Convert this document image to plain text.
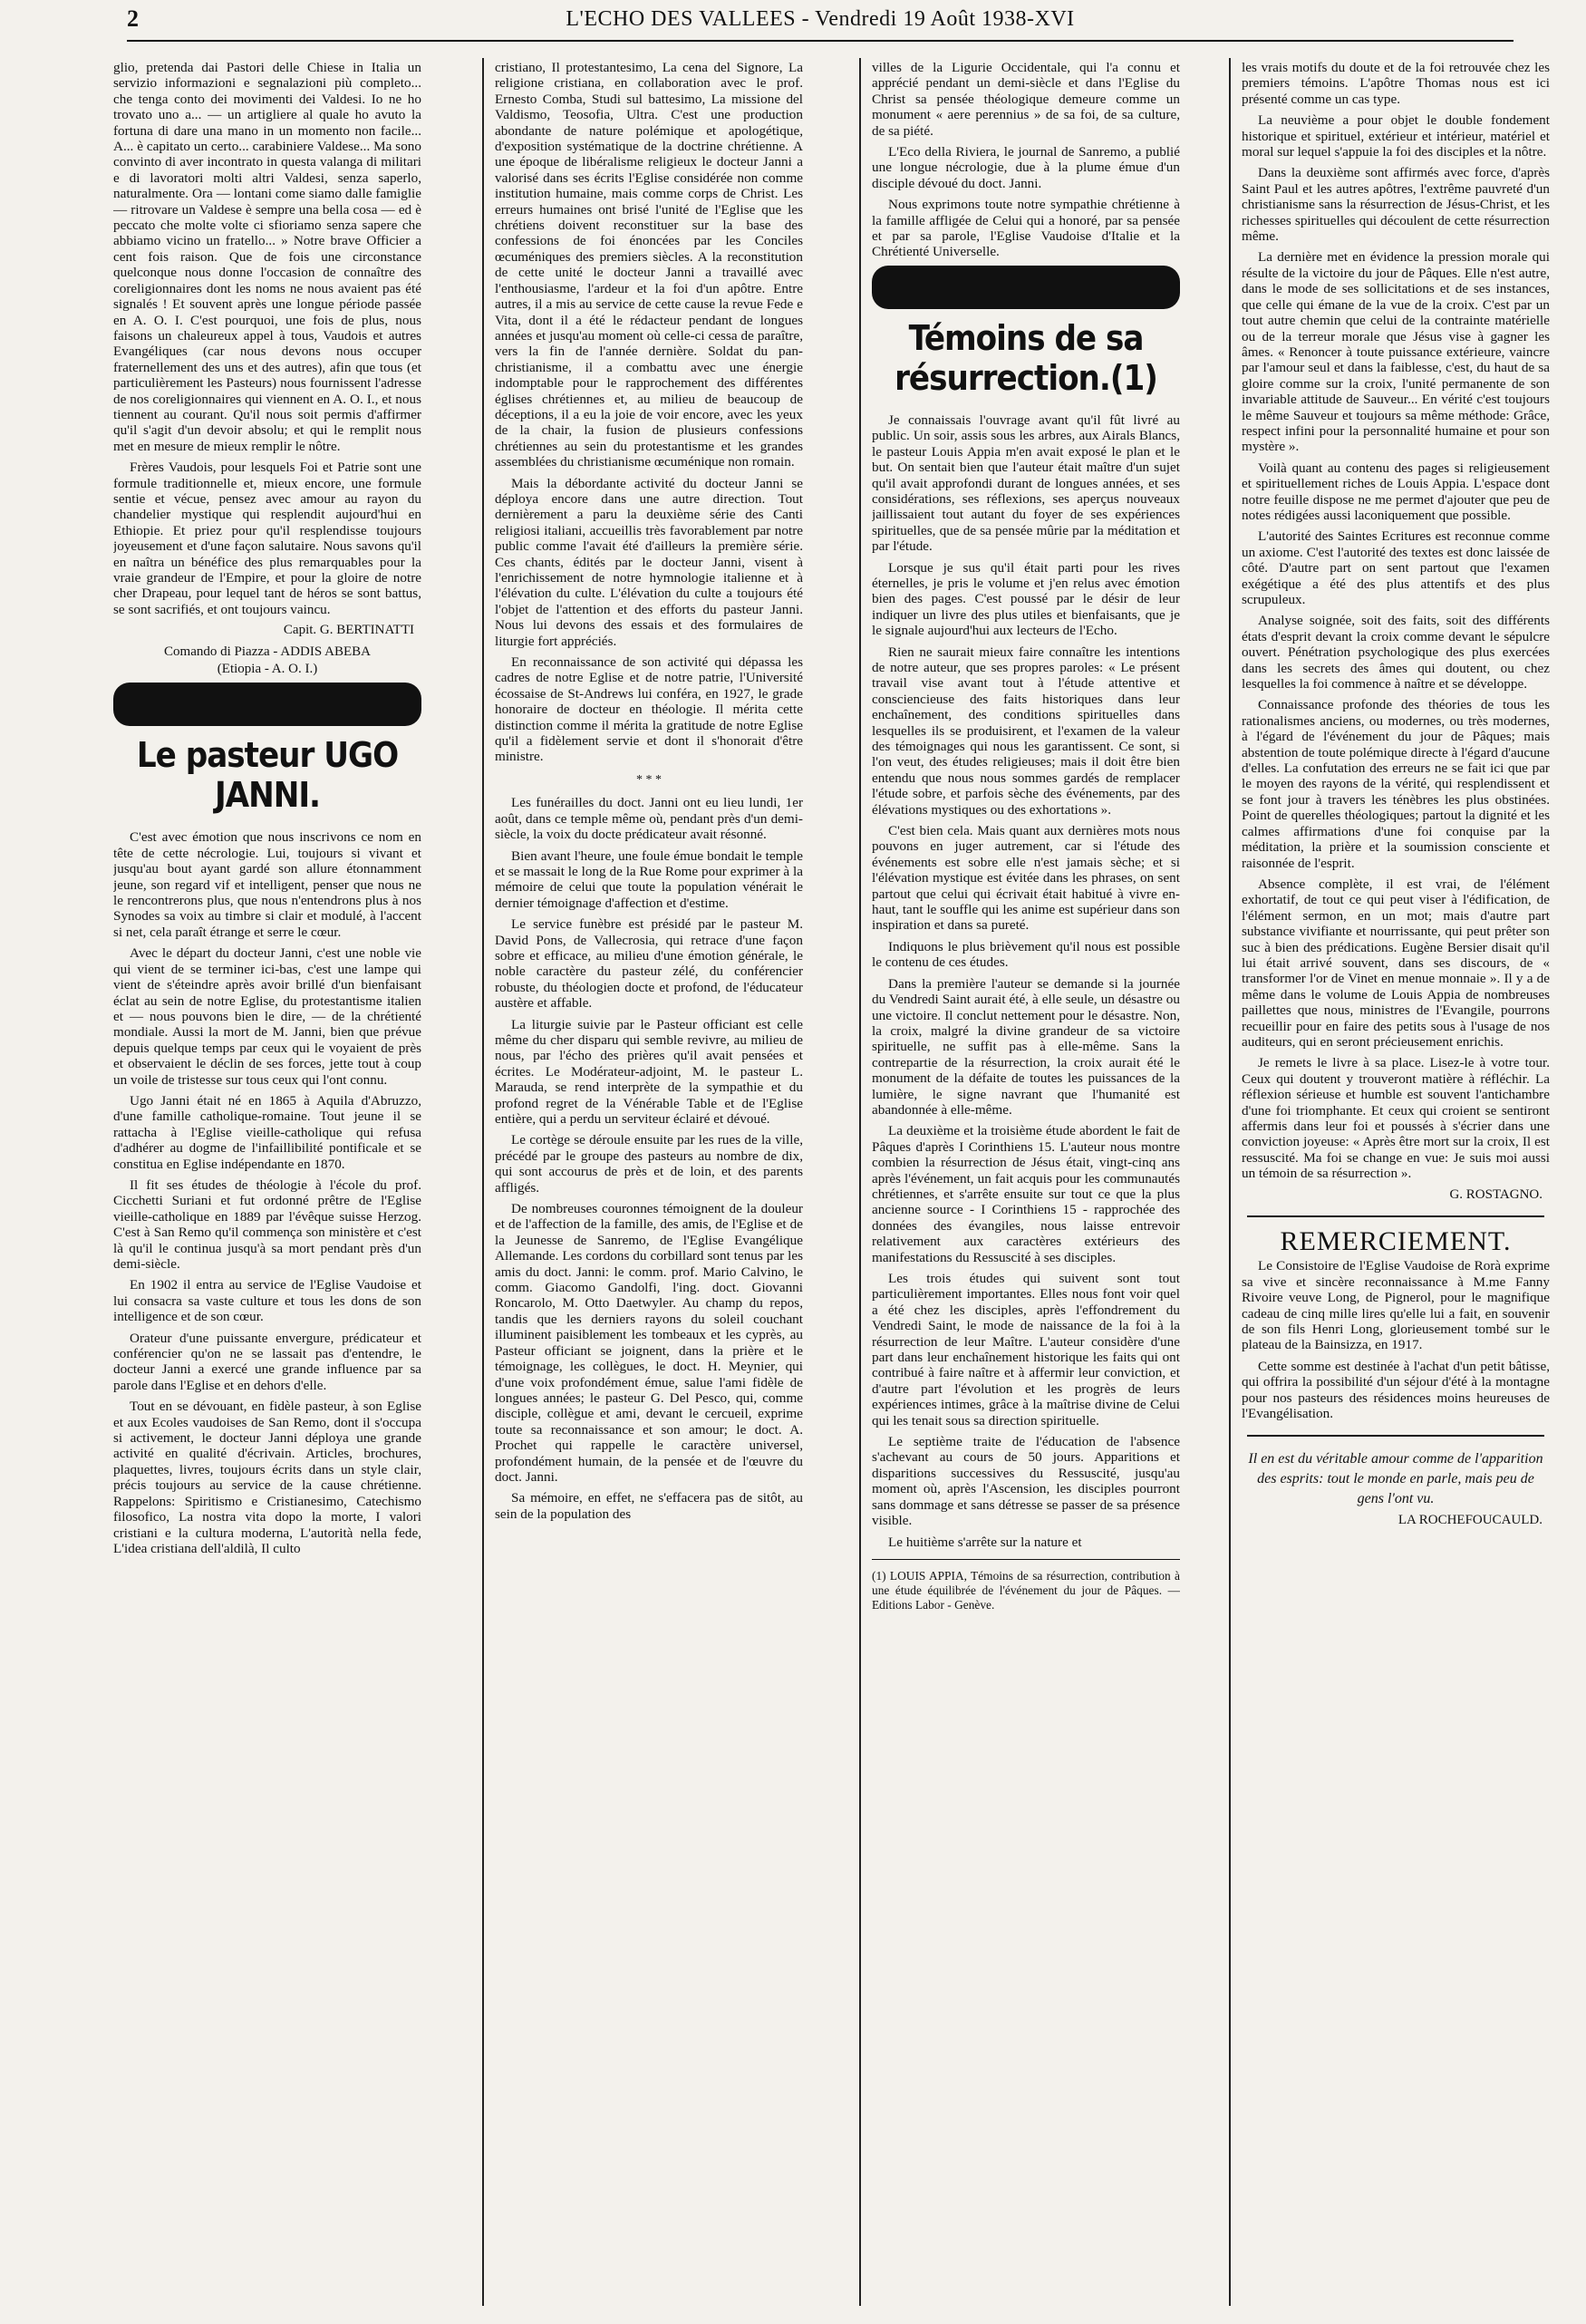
2	L'ECHO DES VALLEES - Vendredi 19 Août 1938-XVI

glio, pretenda dai Pastori delle Chiese in Italia un servizio informazioni e segnalazioni più completo... che tenga conto dei movimenti dei Valdesi. Io ne ho trovato uno a... — un artigliere al quale ho avuto la fortuna di dare una mano in un momento non facile... A... è capitato un certo... carabiniere Valdese... Ma sono convinto di aver incontrato in questa valanga di militari e di lavoratori molti altri Valdesi, senza saperlo, naturalmente. Ora — lontani come siamo dalle famiglie — ritrovare un Valdese è sempre una bella cosa — ed è peccato che molte volte ci sfioriamo senza sapere che abbiamo vicino un fratello... » Notre brave Officier a cent fois raison. Que de fois une circonstance quelconque nous donne l'occasion de connaître des coreligionnaires dont les noms ne nous avaient pas été signalés ! Et souvent après une longue période passée en A. O. I. C'est pourquoi, une fois de plus, nous faisons un chaleureux appel à tous, Vaudois et autres Evangéliques (car nous devons nous occuper fraternellement des uns et des autres), afin que tous (et particulièrement les Pasteurs) nous fournissent l'adresse de nos coreligionnaires qui viennent en A. O. I., et nous tiennent au courant. Qu'il nous soit permis d'affirmer qu'il s'agit d'un devoir absolu; et qui le remplit nous met en mesure de mieux remplir le nôtre.

Frères Vaudois, pour lesquels Foi et Patrie sont une formule traditionnelle et, mieux encore, une formule sentie et vécue, pensez avec amour au rayon du chandelier mystique qui resplendit aujourd'hui en Ethiopie. Et priez pour qu'il resplendisse toujours joyeusement et d'une façon salutaire. Nous savons qu'il en naîtra un bénéfice des plus remarquables pour la vraie grandeur de l'Empire, et pour la gloire de notre cher Drapeau, pour lequel tant de héros se sont battus, se sont sacrifiés, et ont toujours vaincu.

Capit. G. BERTINATTI
Comando di Piazza - ADDIS ABEBA
(Etiopia - A. O. I.)
Le pasteur UGO JANNI.

C'est avec émotion que nous inscrivons ce nom en tête de cette nécrologie. Lui, toujours si vivant et jusqu'au bout ayant gardé son allure étonnamment jeune, son regard vif et intelligent, penser que nous ne le rencontrerons plus, que nous n'entendrons plus à nos Synodes sa voix au timbre si clair et modulé, à l'accent si net, cela paraît étrange et serre le cœur.

Avec le départ du docteur Janni, c'est une noble vie qui vient de se terminer ici-bas, c'est une lampe qui vient de s'éteindre après avoir brillé d'un bienfaisant éclat au sein de notre Eglise, du protestantisme italien et — nous pouvons bien le dire, — de la chrétienté mondiale. Aussi la mort de M. Janni, bien que prévue depuis quelque temps par ceux qui le voyaient de près et observaient le déclin de ses forces, jette tout à coup un voile de tristesse sur tous ceux qui l'ont connu.

Ugo Janni était né en 1865 à Aquila d'Abruzzo, d'une famille catholique-romaine. Tout jeune il se rattacha à l'Eglise vieille-catholique qui refusa d'adhérer au dogme de l'infaillibilité pontificale et se constitua en Eglise indépendante en 1870.

Il fit ses études de théologie à l'école du prof. Cicchetti Suriani et fut ordonné prêtre de l'Eglise vieille-catholique en 1889 par l'évêque suisse Herzog. C'est à San Remo qu'il commença son ministère et c'est là qu'il le continua jusqu'à sa mort pendant près d'un demi-siècle.

En 1902 il entra au service de l'Eglise Vaudoise et lui consacra sa vaste culture et tous les dons de son intelligence et de son cœur.

Orateur d'une puissante envergure, prédicateur et conférencier qu'on ne se lassait pas d'entendre, le docteur Janni a exercé une grande influence par sa parole dans l'Eglise et en dehors d'elle.

Tout en se dévouant, en fidèle pasteur, à son Eglise et aux Ecoles vaudoises de San Remo, dont il s'occupa si activement, le docteur Janni déploya une grande activité en qualité d'écrivain. Articles, brochures, plaquettes, livres, toujours écrits dans un style clair, précis toujours au service de la cause chrétienne. Rappelons: Spiritismo e Cristianesimo, Catechismo filosofico, La nostra vita dopo la morte, I valori cristiani e la cultura moderna, L'autorità nella fede, L'idea cristiana dell'aldilà, Il culto

cristiano, Il protestantesimo, La cena del Signore, La religione cristiana, en collaboration avec le prof. Ernesto Comba, Studi sul battesimo, La missione del Valdismo, Teosofia, Ultra. C'est une production abondante de nature polémique et apologétique, d'exposition systématique de la doctrine chrétienne. A une époque de libéralisme religieux le docteur Janni a valorisé dans ses écrits l'Eglise considérée non comme institution humaine, mais comme corps de Christ. Les erreurs humaines ont brisé l'unité de l'Eglise que les chrétiens doivent reconstituer sur la base des confessions de foi énoncées par les Conciles œcuméniques des premiers siècles. A la reconstitution de cette unité le docteur Janni a travaillé avec l'enthousiasme, l'ardeur et la foi d'un apôtre. Entre autres, il a mis au service de cette cause la revue Fede e Vita, dont il a été le rédacteur pendant de longues années et jusqu'au moment où celle-ci cessa de paraître, vers la fin de l'année dernière. Soldat du pan-christianisme, il a combattu avec une énergie indomptable pour le rapprochement des différentes églises chrétiennes et, au milieu de beaucoup de déceptions, il a eu la joie de voir encore, avec les yeux de la chair, la fusion de plusieurs confessions chrétiennes au sein du protestantisme et les grandes assemblées du christianisme œcuménique non romain.

Mais la débordante activité du docteur Janni se déploya encore dans une autre direction. Tout dernièrement a paru la deuxième série des Canti religiosi italiani, accueillis très favorablement par notre public comme l'avait été d'ailleurs la première série. Ces chants, édités par le docteur Janni, visent à l'enrichissement de notre hymnologie italienne et à l'élévation du culte. L'élévation du culte a toujours été l'objet de l'attention et des efforts du pasteur Janni. Nous lui devons des essais et des formulaires de liturgie fort appréciés.

En reconnaissance de son activité qui dépassa les cadres de notre Eglise et de notre patrie, l'Université écossaise de St-Andrews lui conféra, en 1927, le grade honoraire de docteur en théologie. Il mérita cette distinction comme il mérita la gratitude de notre Eglise qu'il a fidèlement servie et dont il s'honorait d'être ministre.

* * *

Les funérailles du doct. Janni ont eu lieu lundi, 1er août, dans ce temple même où, pendant près d'un demi-siècle, la voix du docte prédicateur avait résonné.

Bien avant l'heure, une foule émue bondait le temple et se massait le long de la Rue Rome pour exprimer à la mémoire de celui que toute la population vénérait le dernier témoignage d'affection et d'estime.

Le service funèbre est présidé par le pasteur M. David Pons, de Vallecrosia, qui retrace d'une façon sobre et efficace, au milieu d'une émotion générale, le noble caractère du pasteur zélé, du conférencier robuste, du théologien docte et profond, de l'éducateur austère et affable.

La liturgie suivie par le Pasteur officiant est celle même du cher disparu qui semble revivre, au milieu de nous, par l'écho des prières qu'il avait pensées et écrites. Le Modérateur-adjoint, M. le pasteur L. Marauda, se rend interprète de la sympathie et du profond regret de la Vénérable Table et de l'Eglise entière, qui a perdu un serviteur éclairé et dévoué.

Le cortège se déroule ensuite par les rues de la ville, précédé par le groupe des pasteurs au nombre de dix, qui sont accourus de près et de loin, et des parents affligés.

De nombreuses couronnes témoignent de la douleur et de l'affection de la famille, des amis, de l'Eglise et de la Jeunesse de Sanremo, de l'Eglise Evangélique Allemande. Les cordons du corbillard sont tenus par les amis du doct. Janni: le comm. prof. Mario Calvino, le comm. Giacomo Gandolfi, l'ing. doct. Giovanni Roncarolo, M. Otto Daetwyler. Au champ du repos, tandis que les derniers rayons du soleil couchant illuminent paisiblement les tombeaux et les cyprès, au Pasteur officiant se joignent, dans la prière et le témoignage, les collègues, le doct. H. Meynier, qui d'une voix profondément émue, salue l'ami fidèle de longues années; le pasteur G. Del Pesco, qui, comme disciple, collègue et ami, devant le cercueil, exprime toute sa reconnaissance et son amour; le doct. A. Prochet qui rappelle le caractère universel, profondément humain, de la pensée et de l'œuvre du doct. Janni.

Sa mémoire, en effet, ne s'effacera pas de sitôt, au sein de la population des

villes de la Ligurie Occidentale, qui l'a connu et apprécié pendant un demi-siècle et dans l'Eglise du Christ sa pensée théologique demeure comme un monument « aere perennius » de sa foi, de sa culture, de sa piété.

L'Eco della Riviera, le journal de Sanremo, a publié une longue nécrologie, due à la plume émue d'un disciple dévoué du doct. Janni.

Nous exprimons toute notre sympathie chrétienne à la famille affligée de Celui qui a honoré, par sa pensée et par sa parole, l'Eglise Vaudoise d'Italie et la Chrétienté Universelle.

Témoins de sa résurrection.(1)

Je connaissais l'ouvrage avant qu'il fût livré au public. Un soir, assis sous les arbres, aux Airals Blancs, le pasteur Louis Appia m'en avait exposé le plan et le but. On sentait bien que l'auteur était maître d'un sujet qu'il avait approfondi durant de longues années, et ses considérations, ses réflexions, ses aperçus nouveaux jaillissaient tout autant du foyer de ses expériences spirituelles, que de sa pensée mûrie par la méditation et par l'étude.

Lorsque je sus qu'il était parti pour les rives éternelles, je pris le volume et j'en relus avec émotion bien des pages. C'est poussé par le désir de leur indiquer un livre des plus utiles et bienfaisants, que je le signale aujourd'hui aux lecteurs de l'Echo.

Rien ne saurait mieux faire connaître les intentions de notre auteur, que ses propres paroles: « Le présent travail vise avant tout à l'étude attentive et consciencieuse des faits historiques dans leur enchaînement, des conditions spirituelles dans lesquelles ils se produisirent, et l'examen de la valeur des témoignages qui nous les garantissent. Ce sont, si l'on veut, des études religieuses; mais il doit être bien entendu que nous nous sommes gardés de remplacer l'étude sobre, et parfois sèche des événements, par des élévations mystiques ou des exhortations ».

C'est bien cela. Mais quant aux dernières mots nous pouvons en juger autrement, car si l'étude des événements est sobre elle n'est jamais sèche; et si l'élévation mystique est évitée dans les phrases, on sent partout que celui qui écrivait était habitué à vivre en-haut, tant le souffle qui les anime est supérieur dans son inspiration et dans sa pureté.

Indiquons le plus brièvement qu'il nous est possible le contenu de ces études.

Dans la première l'auteur se demande si la journée du Vendredi Saint aurait été, à elle seule, un désastre ou une victoire. Il conclut nettement pour le désastre. Non, la croix, malgré la divine grandeur de sa victoire spirituelle, ne suffit pas à elle-même. Sans la contrepartie de la résurrection, la croix aurait été le monument de la défaite de toutes les puissances de la lumière, le signe navrant que l'humanité est abandonnée à elle-même.

La deuxième et la troisième étude abordent le fait de Pâques d'après I Corinthiens 15. L'auteur nous montre combien la résurrection de Jésus était, vingt-cinq ans après l'événement, un fait acquis pour les communautés chrétiennes, et s'arrête ensuite sur tout ce que la plus ancienne source - I Corinthiens 15 - rapprochée des données des évangiles, nous laisse entrevoir relativement aux caractères extérieurs des manifestations du Ressuscité à ses disciples.

Les trois études qui suivent sont tout particulièrement importantes. Elles nous font voir quel a été chez les disciples, après l'effondrement du Vendredi Saint, le mode de naissance de la foi à la résurrection de leur Maître. L'auteur considère d'une part dans leur enchaînement historique les faits qui ont contribué à faire naître et à affermir leur conviction, et d'autre part l'évolution et les progrès de leurs expériences intimes, grâce à la maîtrise divine de Celui qui les tenait sous sa direction spirituelle.

Le septième traite de l'éducation de l'absence s'achevant au cours de 50 jours. Apparitions et disparitions successives du Ressuscité, jusqu'au moment où, après l'Ascension, les disciples pourront sans dommage et sans détresse se passer de sa présence visible.

Le huitième s'arrête sur la nature et

(1) LOUIS APPIA, Témoins de sa résurrection, contribution à une étude équilibrée de l'événement du jour de Pâques. — Editions Labor - Genève.

les vrais motifs du doute et de la foi retrouvée chez les premiers témoins. L'apôtre Thomas nous est ici présenté comme un cas type.

La neuvième a pour objet le double fondement historique et spirituel, extérieur et intérieur, matériel et moral sur lequel s'appuie la foi des disciples et la nôtre.

Dans la deuxième sont affirmés avec force, d'après Saint Paul et les autres apôtres, l'extrême pauvreté d'un christianisme sans la résurrection de Jésus-Christ, et les richesses spirituelles qui découlent de cette résurrection même.

La dernière met en évidence la pression morale qui résulte de la victoire du jour de Pâques. Elle n'est autre, dans le mode de ses sollicitations et de ses instances, que celle qui émane de la vue de la croix. C'est par un tout autre chemin que celui de la contrainte matérielle ou de la terreur morale que Jésus vise à gagner les âmes. « Renoncer à toute puissance extérieure, vaincre par l'amour seul et dans la faiblesse, c'est, du haut de sa gloire comme sur la croix, l'unité permanente de son invariable attitude de Sauveur... En vérité c'est toujours le même Sauveur et toujours sa même méthode: Grâce, respect infini pour la personnalité humaine et pour son mystère ».

Voilà quant au contenu des pages si religieusement et spirituellement riches de Louis Appia. L'espace dont notre feuille dispose ne me permet d'ajouter que peu de notes rédigées aussi laconiquement que possible.

L'autorité des Saintes Ecritures est reconnue comme un axiome. C'est l'autorité des textes est donc laissée de côté. D'autre part on sent partout que l'examen exégétique a été des plus attentifs et des plus scrupuleux.

Analyse soignée, soit des faits, soit des différents états d'esprit devant la croix comme devant le sépulcre ouvert. Pénétration psychologique des plus exercées dans les secrets des âmes qui doutent, ou chez lesquelles la foi commence à naître et se développe.

Connaissance profonde des théories de tous les rationalismes anciens, ou modernes, ou très modernes, à l'égard de l'événement du jour de Pâques; mais abstention de toute polémique directe à l'égard d'aucune d'elles. La confutation des erreurs ne se fait ici que par le moyen des rayons de la vérité, qui resplendissent et se font jour à travers les ténèbres les plus obstinées. Point de querelles théologiques; partout la dignité et les calmes affirmations d'une foi conquise par la méditation, la prière et la soumission consciente et raisonnée de l'esprit.

Absence complète, il est vrai, de l'élément exhortatif, de tout ce qui peut viser à l'édification, de l'élément sermon, en un mot; mais d'autre part substance vivifiante et nourrissante, qui peut prêter son suc à bien des prédications. Eugène Bersier disait qu'il lui était arrivé souvent, dans ses discours, de « transformer l'or de Vinet en menue monnaie ». Il y a de même dans le volume de Louis Appia de nombreuses paillettes que nous, ministres de l'Evangile, pourrons recueillir pour en faire des petits sous à l'usage de nos auditeurs, qui en seront précieusement enrichis.

Je remets le livre à sa place. Lisez-le à votre tour. Ceux qui doutent y trouveront matière à réfléchir. La réflexion sérieuse et humble est souvent l'antichambre d'une foi triomphante. Et ceux qui croient se sentiront affermis dans leur foi et poussés à s'écrier dans une conviction joyeuse: « Après être mort sur la croix, Il est ressuscité. Ma foi se change en vue: Je suis moi aussi un témoin de sa résurrection ».

G. ROSTAGNO.
REMERCIEMENT.

Le Consistoire de l'Eglise Vaudoise de Rorà exprime sa vive et sincère reconnaissance à M.me Fanny Rivoire veuve Long, de Pignerol, pour le magnifique cadeau de cinq mille lires qu'elle lui a fait, en souvenir de son fils Henri Long, glorieusement tombé sur le plateau de la Bainsizza, en 1917.

Cette somme est destinée à l'achat d'un petit bâtisse, qui offrira la possibilité d'un séjour d'été à la montagne pour nos pasteurs des résidences moins heureuses de l'Evangélisation.

Il en est du véritable amour comme de l'apparition des esprits: tout le monde en parle, mais peu de gens l'ont vu.
LA ROCHEFOUCAULD.
